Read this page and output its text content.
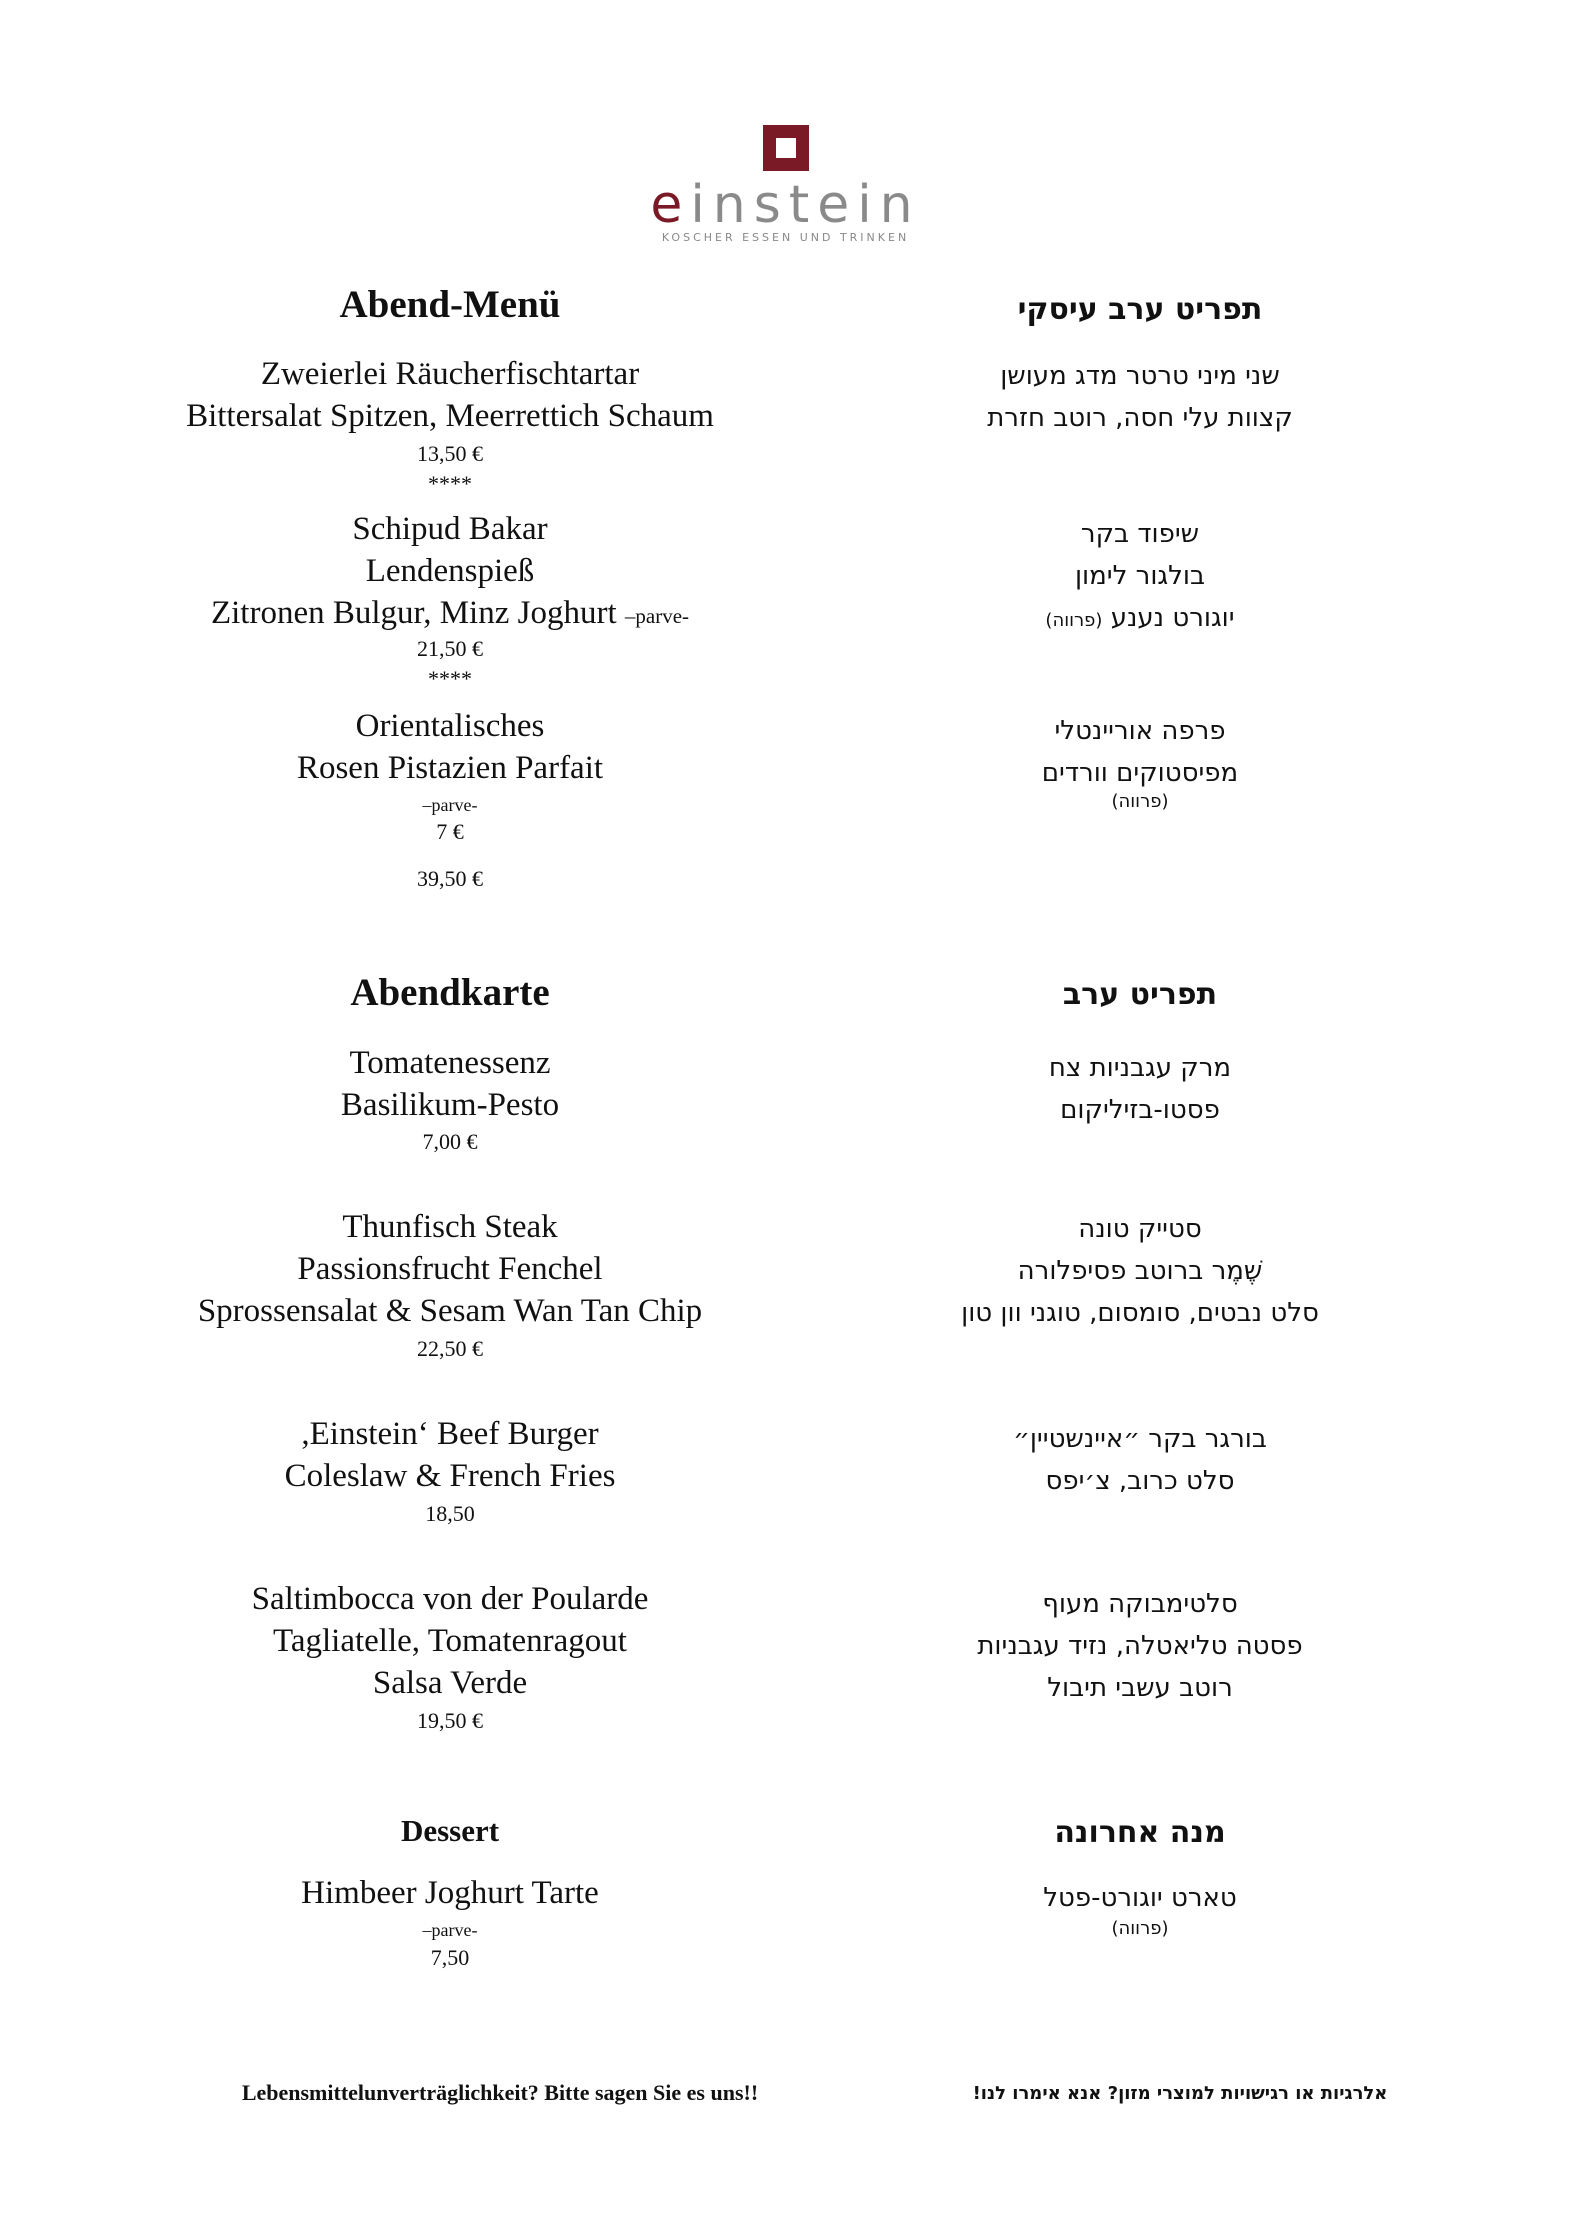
einstein
KOSCHER ESSEN UND TRINKEN
Abend-Menü	תפריט ערב עיסקי
Zweierlei Räucherfischtartar
Bittersalat Spitzen, Meerrettich Schaum
13,50 €
****
שני מיני טרטר מדג מעושן
קצוות עלי חסה, רוטב חזרת
Schipud Bakar
Lendenspieß
Zitronen Bulgur, Minz Joghurt –parve-
21,50 €
****
שיפוד בקר
בולגור לימון
יוגורט נענע (פרווה)
Orientalisches
Rosen Pistazien Parfait
–parve-
7 €
פרפה אוריינטלי
מפיסטוקים וורדים
(פרווה)
39,50 €
Abendkarte	תפריט ערב
Tomatenessenz
Basilikum-Pesto
7,00 €
מרק עגבניות צח
פסטו-בזיליקום
Thunfisch Steak
Passionsfrucht Fenchel
Sprossensalat & Sesam Wan Tan Chip
22,50 €
סטייק טונה
שֶׁמֶר ברוטב פסיפלורה
סלט נבטים, סומסום, טוגני וון טון
,Einstein‘ Beef Burger
Coleslaw & French Fries
18,50
בורגר בקר ״איינשטיין״
סלט כרוב, צ׳יפס
Saltimbocca von der Poularde
Tagliatelle, Tomatenragout
Salsa Verde
19,50 €
סלטימבוקה מעוף
פסטה טליאטלה, נזיד עגבניות
רוטב עשבי תיבול
Dessert	מנה אחרונה
Himbeer Joghurt Tarte
–parve-
7,50
טארט יוגורט-פטל
(פרווה)
Lebensmittelunverträglichkeit? Bitte sagen Sie es uns!!	אלרגיות או רגישויות למוצרי מזון? אנא אימרו לנו!
